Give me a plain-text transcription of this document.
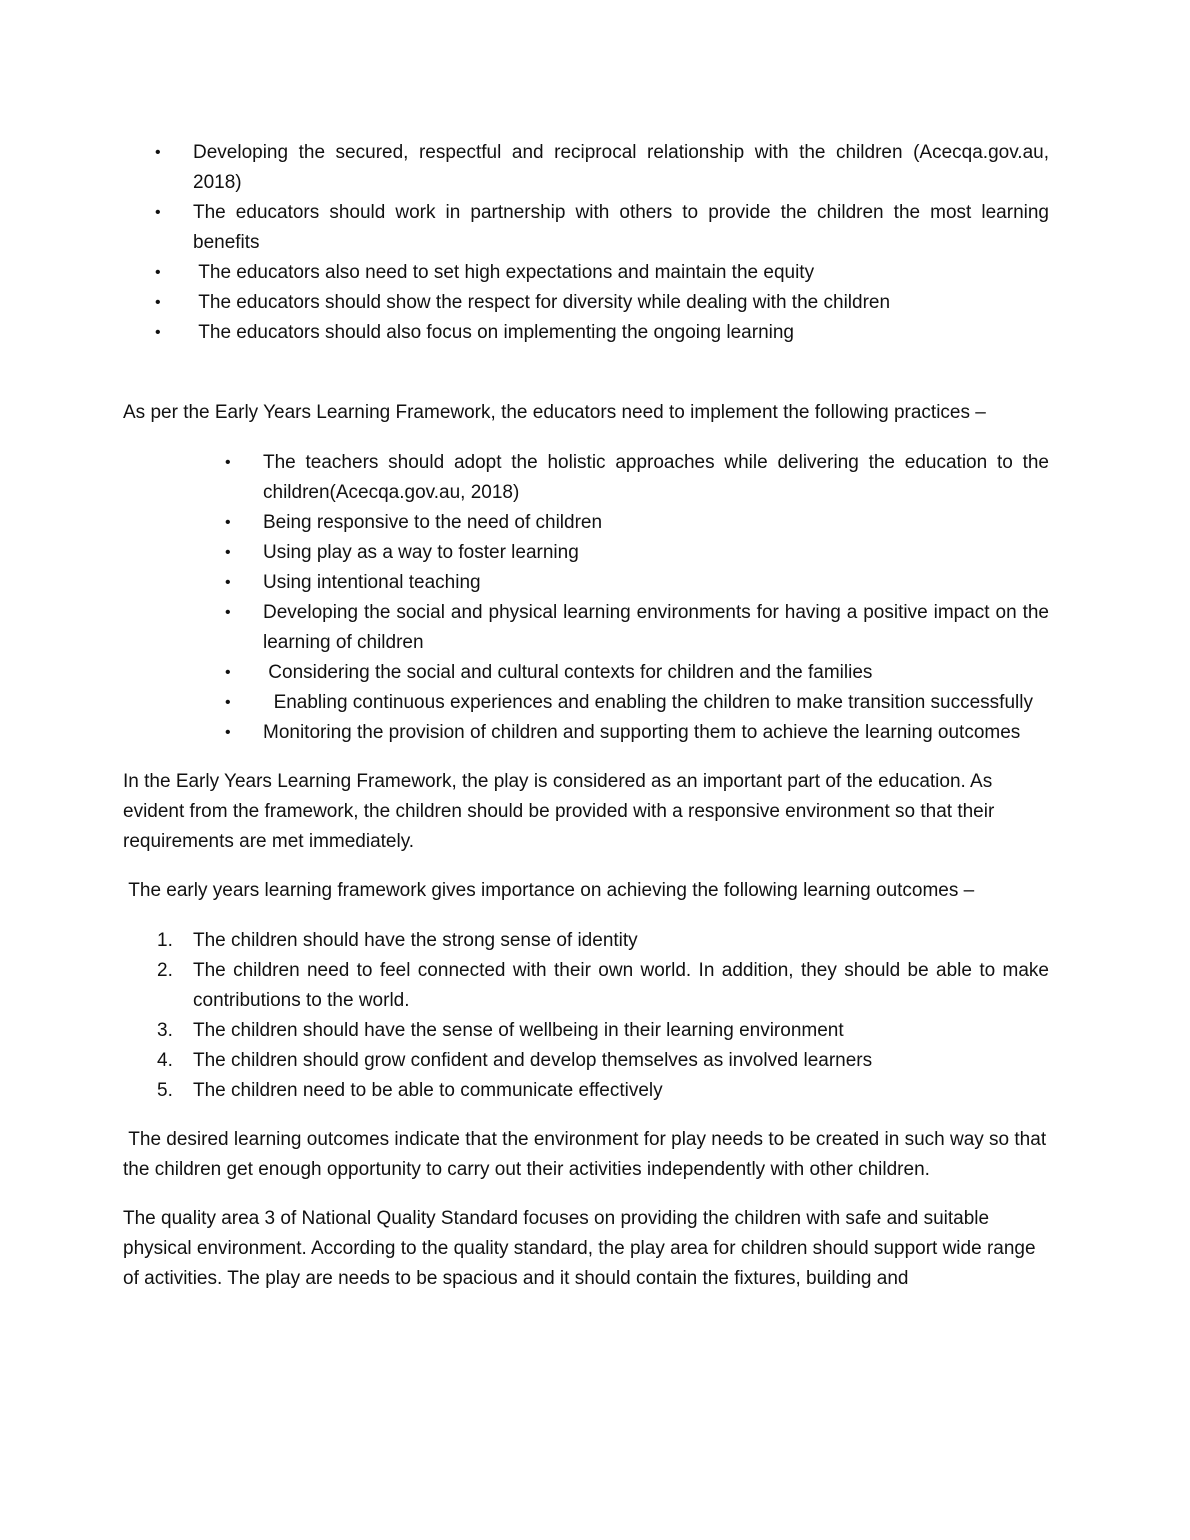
•	Developing the secured, respectful and reciprocal relationship with the children (Acecqa.gov.au, 2018)
•	The educators should work in partnership with others to provide the children the most learning benefits
•	The educators also need to set high expectations and maintain the equity
•	The educators should show the respect for diversity while dealing with the children
•	The educators should also focus on implementing the ongoing learning

As per the Early Years Learning Framework, the educators need to implement the following practices –

•	The teachers should adopt the holistic approaches while delivering the education to the children(Acecqa.gov.au, 2018)
•	Being responsive to the need of children
•	Using play as a way to foster learning
•	Using intentional teaching
•	Developing the social and physical learning environments for having a positive impact on the learning of children
•	Considering the social and cultural contexts for children and the families
•	Enabling continuous experiences and enabling the children to make transition successfully
•	Monitoring the provision of children and supporting them to achieve the learning outcomes

In the Early Years Learning Framework, the play is considered as an important part of the education. As evident from the framework, the children should be provided with a responsive environment so that their requirements are met immediately.

The early years learning framework gives importance on achieving the following learning outcomes –

1.	The children should have the strong sense of identity
2.	The children need to feel connected with their own world. In addition, they should be able to make contributions to the world.
3.	The children should have the sense of wellbeing in their learning environment
4.	The children should grow confident and develop themselves as involved learners
5.	The children need to be able to communicate effectively

The desired learning outcomes indicate that the environment for play needs to be created in such way so that the children get enough opportunity to carry out their activities independently with other children.

The quality area 3 of National Quality Standard focuses on providing the children with safe and suitable physical environment. According to the quality standard, the play area for children should support wide range of activities. The play are needs to be spacious and it should contain the fixtures, building and
